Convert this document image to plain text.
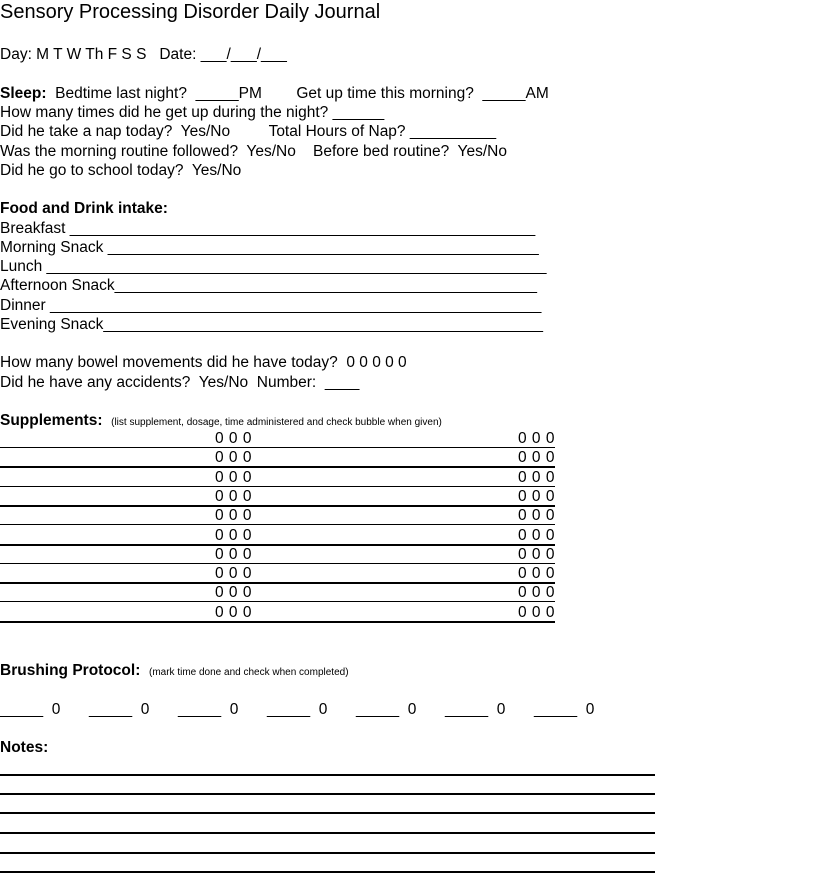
Sensory Processing Disorder Daily Journal
Day: M T W Th F S S   Date: ___/___/___
Sleep:  Bedtime last night?  _____PM        Get up time this morning?  _____AM
How many times did he get up during the night? ______
Did he take a nap today?  Yes/No         Total Hours of Nap? __________
Was the morning routine followed?  Yes/No    Before bed routine?  Yes/No
Did he go to school today?  Yes/No
Food and Drink intake:
Breakfast ______________________________________________________
Morning Snack __________________________________________________
Lunch __________________________________________________________
Afternoon Snack_________________________________________________
Dinner _________________________________________________________
Evening Snack___________________________________________________
How many bowel movements did he have today?  0 0 0 0 0
Did he have any accidents?  Yes/No  Number:  ____
Supplements: (list supplement, dosage, time administered and check bubble when given)
0 0 0	0 0 0
0 0 0	0 0 0
0 0 0	0 0 0
0 0 0	0 0 0
0 0 0	0 0 0
0 0 0	0 0 0
0 0 0	0 0 0
0 0 0	0 0 0
0 0 0	0 0 0
0 0 0	0 0 0
Brushing Protocol: (mark time done and check when completed)
_____  0 _____  0 _____  0 _____  0 _____  0 _____  0 _____  0
Notes:
